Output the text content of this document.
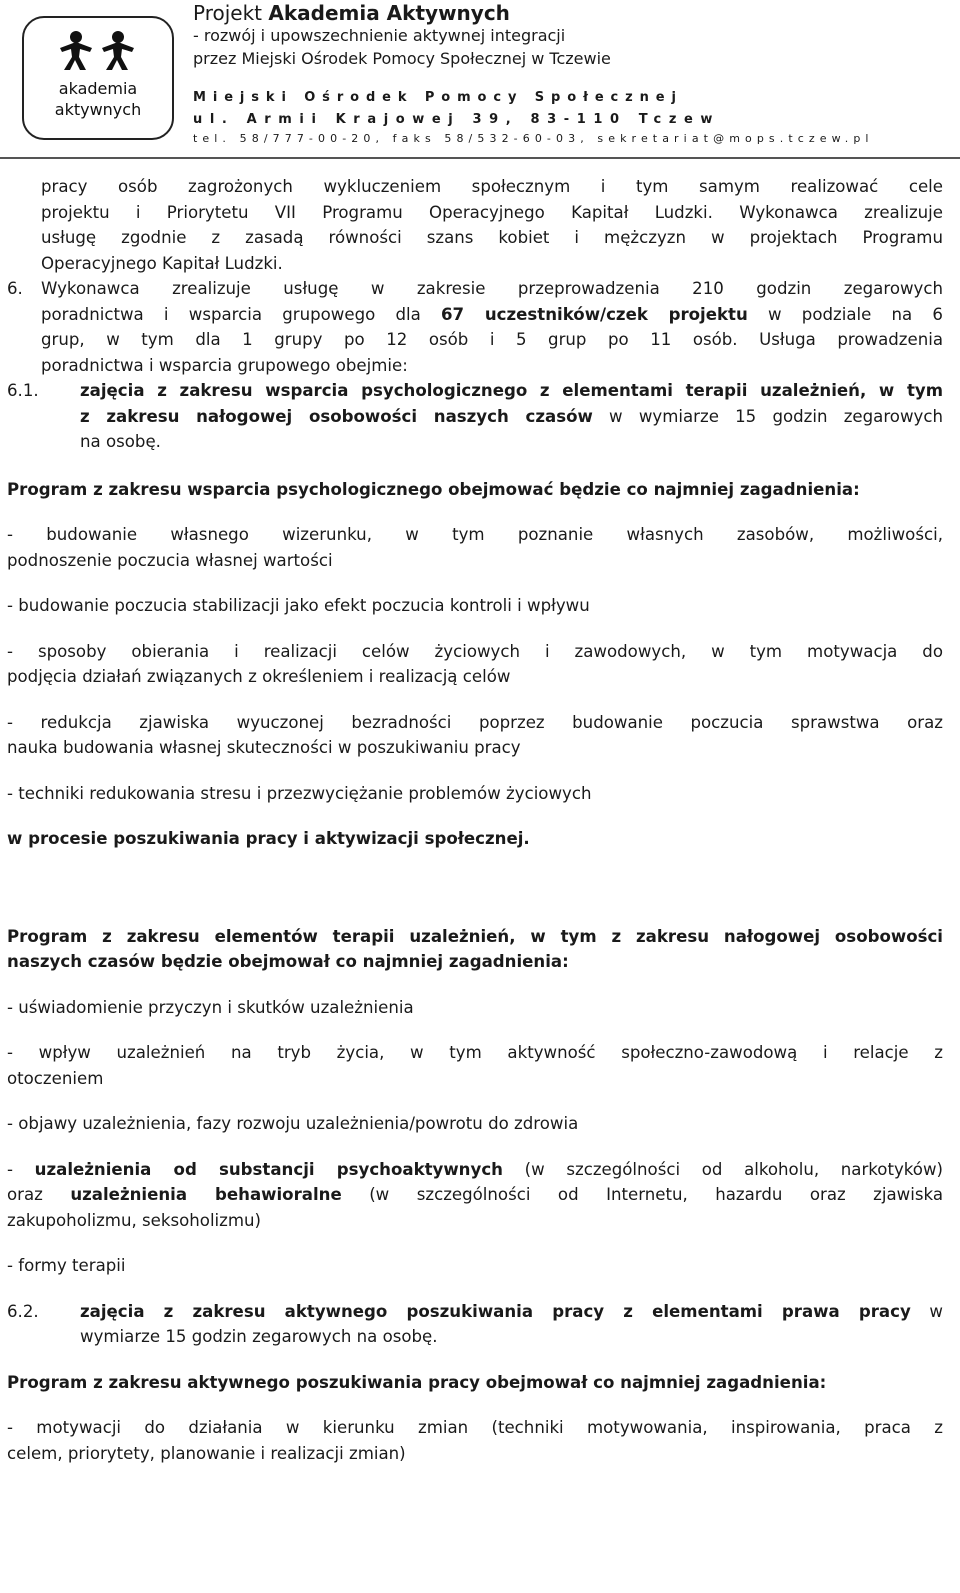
akademia
aktywnych
Projekt Akademia Aktywnych
- rozwój i upowszechnienie aktywnej integracji
przez Miejski Ośrodek Pomocy Społecznej w Tczewie
Miejski Ośrodek Pomocy Społecznej
ul. Armii Krajowej 39, 83-110 Tczew
tel. 58/777-00-20, faks 58/532-60-03, sekretariat@mops.tczew.pl
pracy osób zagrożonych wykluczeniem społecznym i tym samym realizować cele
projektu i Priorytetu VII Programu Operacyjnego Kapitał Ludzki. Wykonawca zrealizuje
usługę zgodnie z zasadą równości szans kobiet i mężczyzn w projektach Programu
Operacyjnego Kapitał Ludzki.
6.	Wykonawca zrealizuje usługę w zakresie przeprowadzenia 210 godzin zegarowych
poradnictwa i wsparcia grupowego dla 67 uczestników/czek projektu w podziale na 6
grup, w tym dla 1 grupy po 12 osób i 5 grup po 11 osób. Usługa prowadzenia
poradnictwa i wsparcia grupowego obejmie:
6.1.	zajęcia z zakresu wsparcia psychologicznego z elementami terapii uzależnień, w tym
z zakresu nałogowej osobowości naszych czasów w wymiarze 15 godzin zegarowych
na osobę.
Program z zakresu wsparcia psychologicznego obejmować będzie co najmniej zagadnienia:
- budowanie własnego wizerunku, w tym poznanie własnych zasobów, możliwości,
podnoszenie poczucia własnej wartości
- budowanie poczucia stabilizacji jako efekt poczucia kontroli i wpływu
- sposoby obierania i realizacji celów życiowych i zawodowych, w tym motywacja do
podjęcia działań związanych z określeniem i realizacją celów
- redukcja zjawiska wyuczonej bezradności poprzez budowanie poczucia sprawstwa oraz
nauka budowania własnej skuteczności w poszukiwaniu pracy
- techniki redukowania stresu i przezwyciężanie problemów życiowych
w procesie poszukiwania pracy i aktywizacji społecznej.
Program z zakresu elementów terapii uzależnień, w tym z zakresu nałogowej osobowości
naszych czasów będzie obejmował co najmniej zagadnienia:
- uświadomienie przyczyn i skutków uzależnienia
- wpływ uzależnień na tryb życia, w tym aktywność społeczno-zawodową i relacje z
otoczeniem
- objawy uzależnienia, fazy rozwoju uzależnienia/powrotu do zdrowia
- uzależnienia od substancji psychoaktywnych (w szczególności od alkoholu, narkotyków)
oraz uzależnienia behawioralne (w szczególności od Internetu, hazardu oraz zjawiska
zakupoholizmu, seksoholizmu)
- formy terapii
6.2.	zajęcia z zakresu aktywnego poszukiwania pracy z elementami prawa pracy w
wymiarze 15 godzin zegarowych na osobę.
Program z zakresu aktywnego poszukiwania pracy obejmował co najmniej zagadnienia:
- motywacji do działania w kierunku zmian (techniki motywowania, inspirowania, praca z
celem, priorytety, planowanie i realizacji zmian)
